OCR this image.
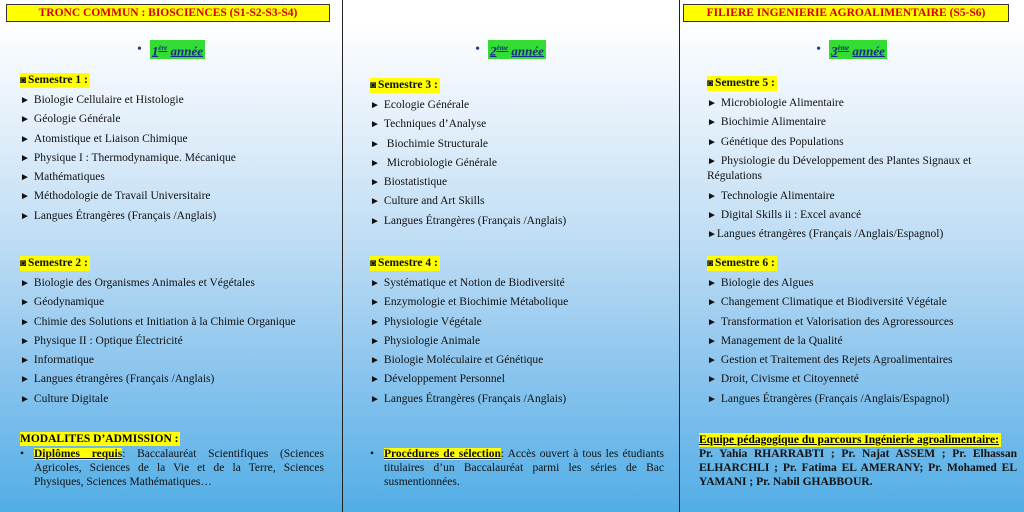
TRONC COMMUN : BIOSCIENCES (S1-S2-S3-S4)
• 1ère année
◙ Semestre 1 :
► Biologie Cellulaire et Histologie
► Géologie Générale
► Atomistique et Liaison Chimique
► Physique I : Thermodynamique. Mécanique
► Mathématiques
► Méthodologie de Travail Universitaire
► Langues Étrangères (Français /Anglais)
◙ Semestre 2 :
► Biologie des Organismes Animales et Végétales
► Géodynamique
► Chimie des Solutions et Initiation à la Chimie Organique
► Physique II : Optique Électricité
► Informatique
► Langues étrangères (Français /Anglais)
► Culture Digitale
MODALITES D’ADMISSION :
• Diplômes requis: Baccalauréat Scientifiques (Sciences Agricoles, Sciences de la Vie et de la Terre, Sciences Physiques, Sciences Mathématiques…
• 2ème année
◙ Semestre 3 :
► Ecologie Générale
► Techniques d’Analyse
► Biochimie Structurale
► Microbiologie Générale
► Biostatistique
► Culture and Art Skills
► Langues Étrangères (Français /Anglais)
◙ Semestre 4 :
► Systématique et Notion de Biodiversité
► Enzymologie et Biochimie Métabolique
► Physiologie Végétale
► Physiologie Animale
► Biologie Moléculaire et Génétique
► Développement Personnel
► Langues Étrangères (Français /Anglais)
• Procédures de sélection: Accès ouvert à tous les étudiants titulaires d’un Baccalauréat parmi les séries de Bac susmentionnées.
FILIERE INGENIERIE AGROALIMENTAIRE (S5-S6)
• 3ème année
◙ Semestre 5 :
► Microbiologie Alimentaire
► Biochimie Alimentaire
► Génétique des Populations
► Physiologie du Développement des Plantes Signaux et Régulations
► Technologie Alimentaire
► Digital Skills ii : Excel avancé
►Langues étrangères (Français /Anglais/Espagnol)
◙ Semestre 6 :
► Biologie des Algues
► Changement Climatique et Biodiversité Végétale
► Transformation et Valorisation des Agroressources
► Management de la Qualité
► Gestion et Traitement des Rejets Agroalimentaires
► Droit, Civisme et Citoyenneté
► Langues Étrangères (Français /Anglais/Espagnol)
Equipe pédagogique du parcours Ingénierie agroalimentaire:
Pr. Yahia RHARRABTI ; Pr. Najat ASSEM ; Pr. Elhassan ELHARCHLI ; Pr. Fatima EL AMERANY; Pr. Mohamed EL YAMANI ; Pr. Nabil GHABBOUR.
